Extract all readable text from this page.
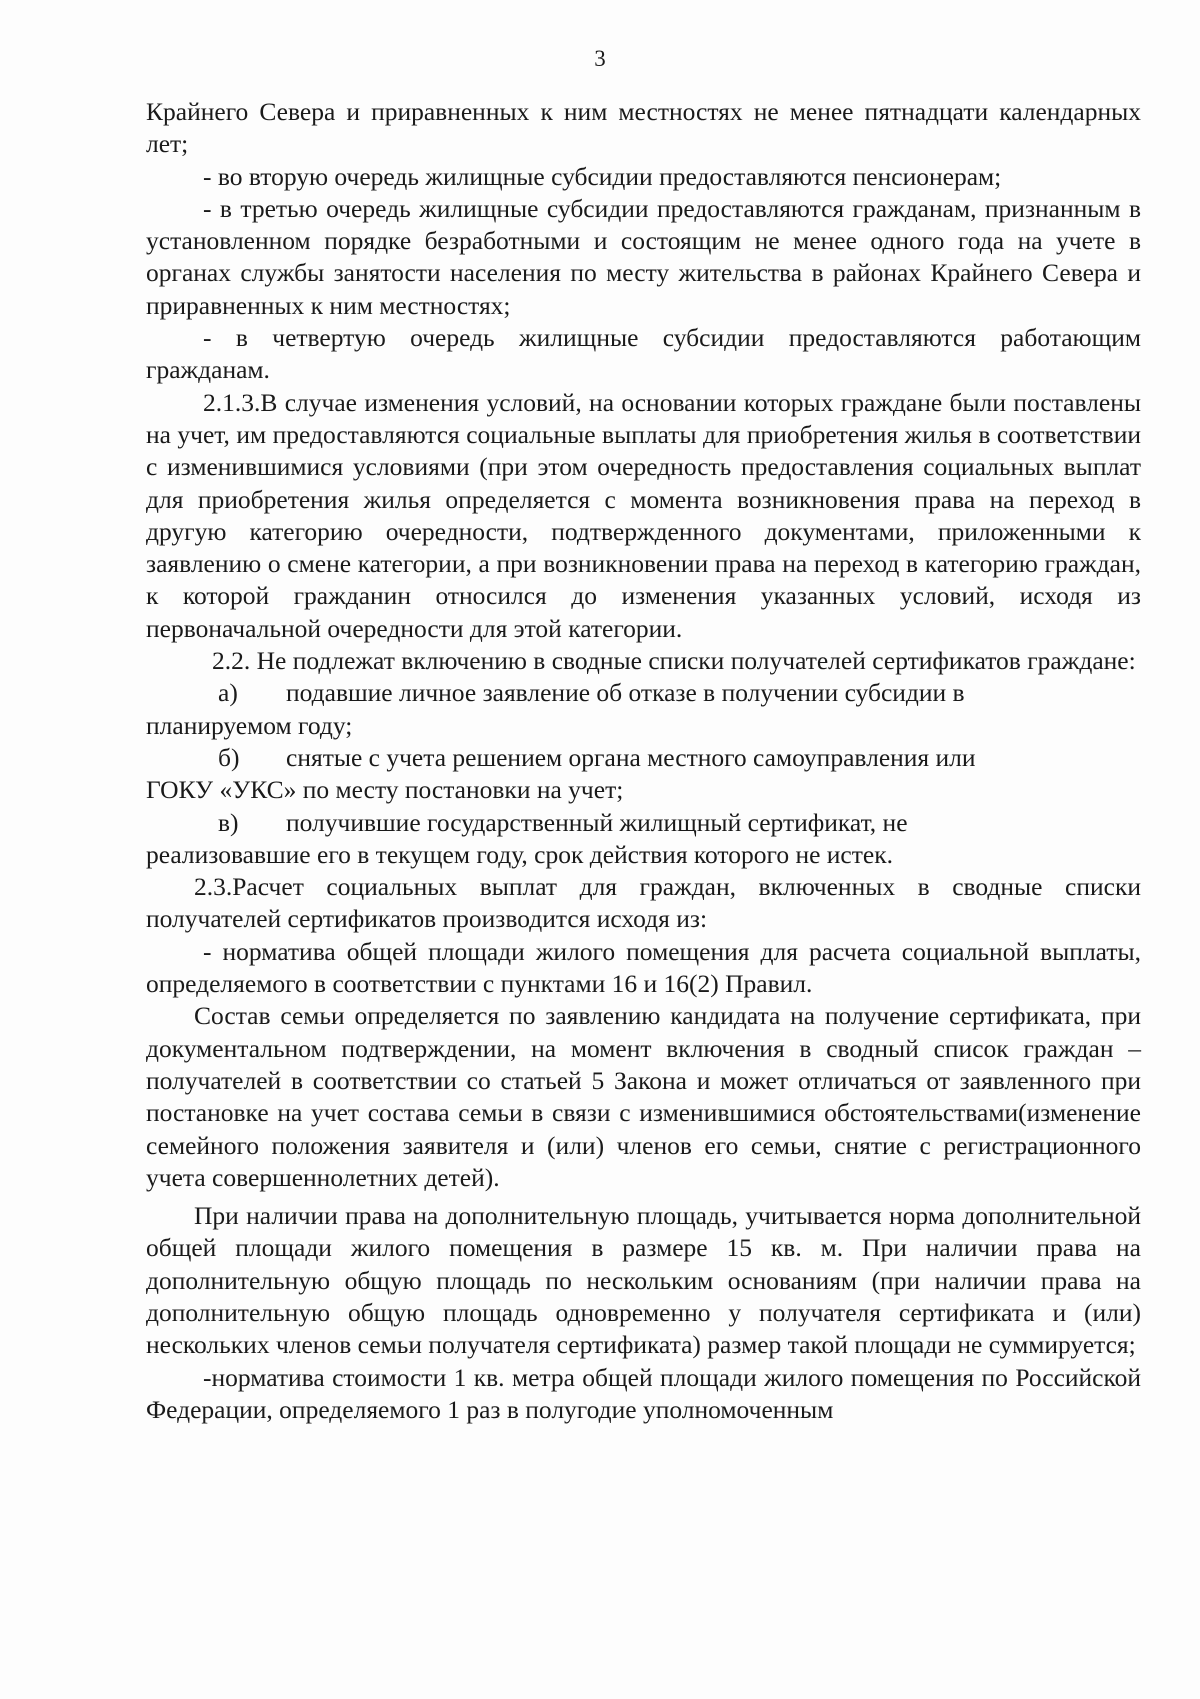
3

Крайнего Севера и приравненных к ним местностях не менее пятнадцати календарных лет;

- во вторую очередь жилищные субсидии предоставляются пенсионерам;

- в третью очередь жилищные субсидии предоставляются гражданам, признанным в установленном порядке безработными и состоящим не менее одного года на учете в органах службы занятости населения по месту жительства в районах Крайнего Севера и приравненных к ним местностях;

- в четвертую очередь жилищные субсидии предоставляются работающим гражданам.

2.1.3.В случае изменения условий, на основании которых граждане были поставлены на учет, им предоставляются социальные выплаты для приобретения жилья в соответствии с изменившимися условиями (при этом очередность предоставления социальных выплат для приобретения жилья определяется с момента возникновения права на переход в другую категорию очередности, подтвержденного документами, приложенными к заявлению о смене категории, а при возникновении права на переход в категорию граждан, к которой гражданин относился до изменения указанных условий, исходя из первоначальной очередности для этой категории.

2.2. Не подлежат включению в сводные списки получателей сертификатов граждане:

а)	подавшие личное заявление об отказе в получении субсидии в

планируемом году;

б)	снятые с учета решением органа местного самоуправления или

ГОКУ «УКС» по месту постановки на учет;

в)	получившие государственный жилищный сертификат, не

реализовавшие его в текущем году, срок действия которого не истек.

2.3.Расчет социальных выплат для граждан, включенных в сводные списки получателей сертификатов производится исходя из:

- норматива общей площади жилого помещения для расчета социальной выплаты, определяемого в соответствии с пунктами 16 и 16(2) Правил.

Состав семьи определяется по заявлению кандидата на получение сертификата, при документальном подтверждении, на момент включения в сводный список граждан – получателей в соответствии со статьей 5 Закона и может отличаться от заявленного при постановке на учет состава семьи в связи с изменившимися обстоятельствами(изменение семейного положения заявителя и (или) членов его семьи, снятие с регистрационного учета совершеннолетних детей).

При наличии права на дополнительную площадь, учитывается норма дополнительной общей площади жилого помещения в размере 15 кв. м. При наличии права на дополнительную общую площадь по нескольким основаниям (при наличии права на дополнительную общую площадь одновременно у получателя сертификата и (или) нескольких членов семьи получателя сертификата) размер такой площади не суммируется;

-норматива стоимости 1 кв. метра общей площади жилого помещения по Российской Федерации, определяемого 1 раз в полугодие уполномоченным
